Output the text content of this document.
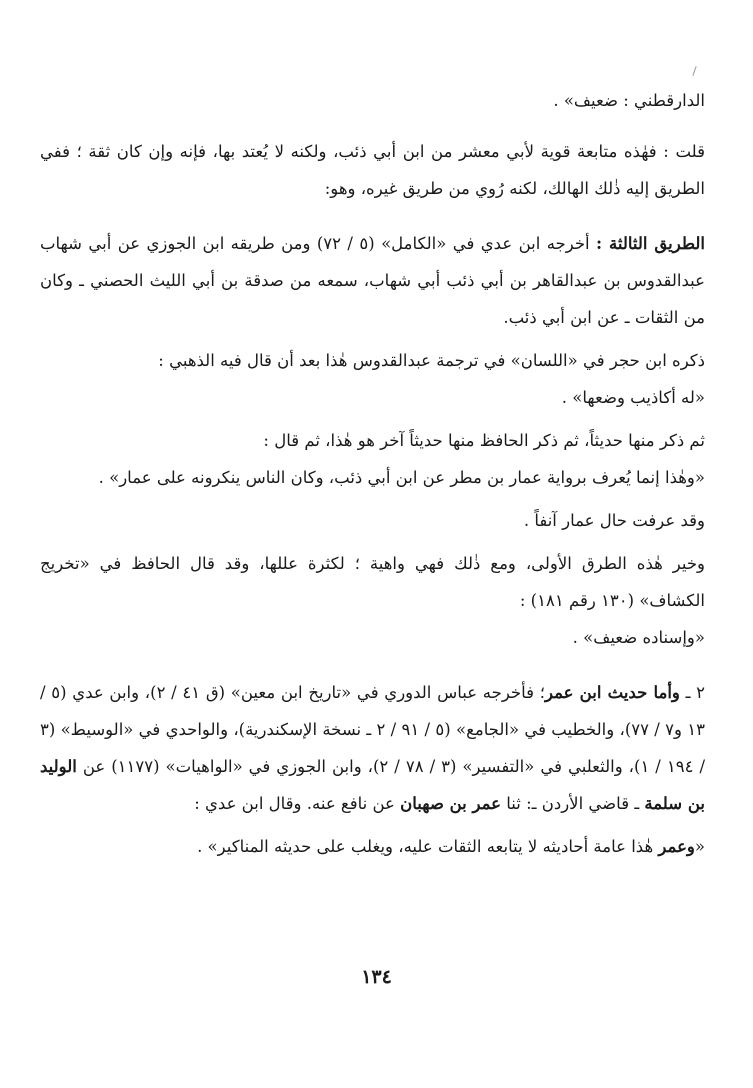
الدارقطني : ضعيف» .

قلت : فهٰذه متابعة قوية لأبي معشر من ابن أبي ذئب، ولكنه لا يُعتد بها، فإنه وإن كان ثقة ؛ ففي الطريق إليه ذٰلك الهالك، لكنه رُوي من طريق غيره، وهو:

الطريق الثالثة : أخرجه ابن عدي في «الكامل» (٥ / ٧٢) ومن طريقه ابن الجوزي عن أبي شهاب عبدالقدوس بن عبدالقاهر بن أبي ذئب أبي شهاب، سمعه من صدقة بن أبي الليث الحصني ـ وكان من الثقات ـ عن ابن أبي ذئب.

ذكره ابن حجر في «اللسان» في ترجمة عبدالقدوس هٰذا بعد أن قال فيه الذهبي :

«له أكاذيب وضعها» .

ثم ذكر منها حديثاً، ثم ذكر الحافظ منها حديثاً آخر هو هٰذا، ثم قال :

«وهٰذا إنما يُعرف برواية عمار بن مطر عن ابن أبي ذئب، وكان الناس ينكرونه على عمار» .

وقد عرفت حال عمار آنفاً .

وخير هٰذه الطرق الأولى، ومع ذٰلك فهي واهية ؛ لكثرة عللها، وقد قال الحافظ في «تخريج الكشاف» (١٣٠ رقم ١٨١) :

«وإسناده ضعيف» .

٢ ـ وأما حديث ابن عمر؛ فأخرجه عباس الدوري في «تاريخ ابن معين» (ق ٤١ / ٢)، وابن عدي (٥ / ١٣ و٧ / ٧٧)، والخطيب في «الجامع» (٥ / ٩١ / ٢ ـ نسخة الإسكندرية)، والواحدي في «الوسيط» (٣ / ١٩٤ / ١)، والثعلبي في «التفسير» (٣ / ٧٨ / ٢)، وابن الجوزي في «الواهيات» (١١٧٧) عن الوليد بن سلمة ـ قاضي الأردن ـ: ثنا عمر بن صهبان عن نافع عنه. وقال ابن عدي :

«وعمر هٰذا عامة أحاديثه لا يتابعه الثقات عليه، ويغلب على حديثه المناكير» .

١٣٤
